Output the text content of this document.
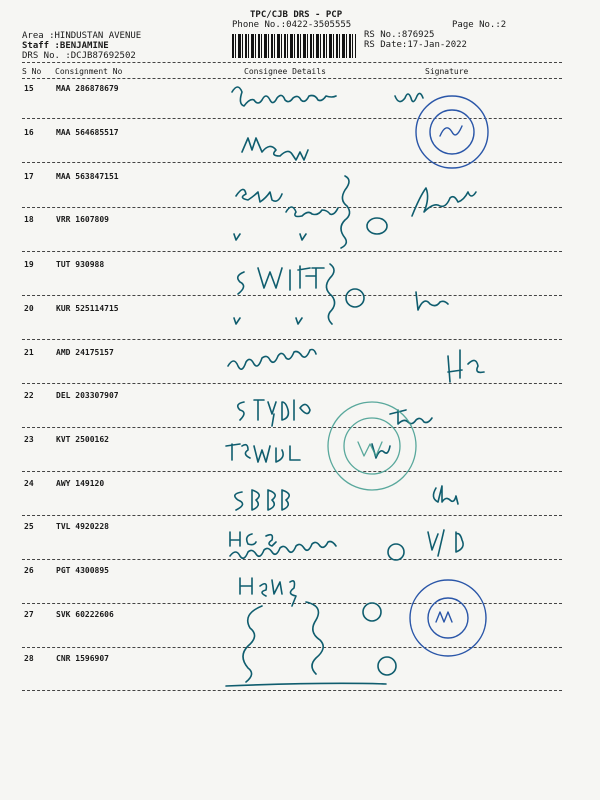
TPC/CJB DRS - PCP
Phone No.:0422-3505555	Page No.:2
Area :HINDUSTAN AVENUE
Staff :BENJAMINE
DRS No. :DCJB87692502
RS No.:876925
RS Date:17-Jan-2022
S No Consignment No	Consignee Details	Signature
15	MAA 286878679
16	MAA 564685517
17	MAA 563847151
18	VRR 1607809
19	TUT 930988
20	KUR 525114715
21	AMD 24175157
22	DEL 203307907
23	KVT 2500162
24	AWY 149120
25	TVL 4920228
26	PGT 4300895
27	SVK 60222606
28	CNR 1596907
